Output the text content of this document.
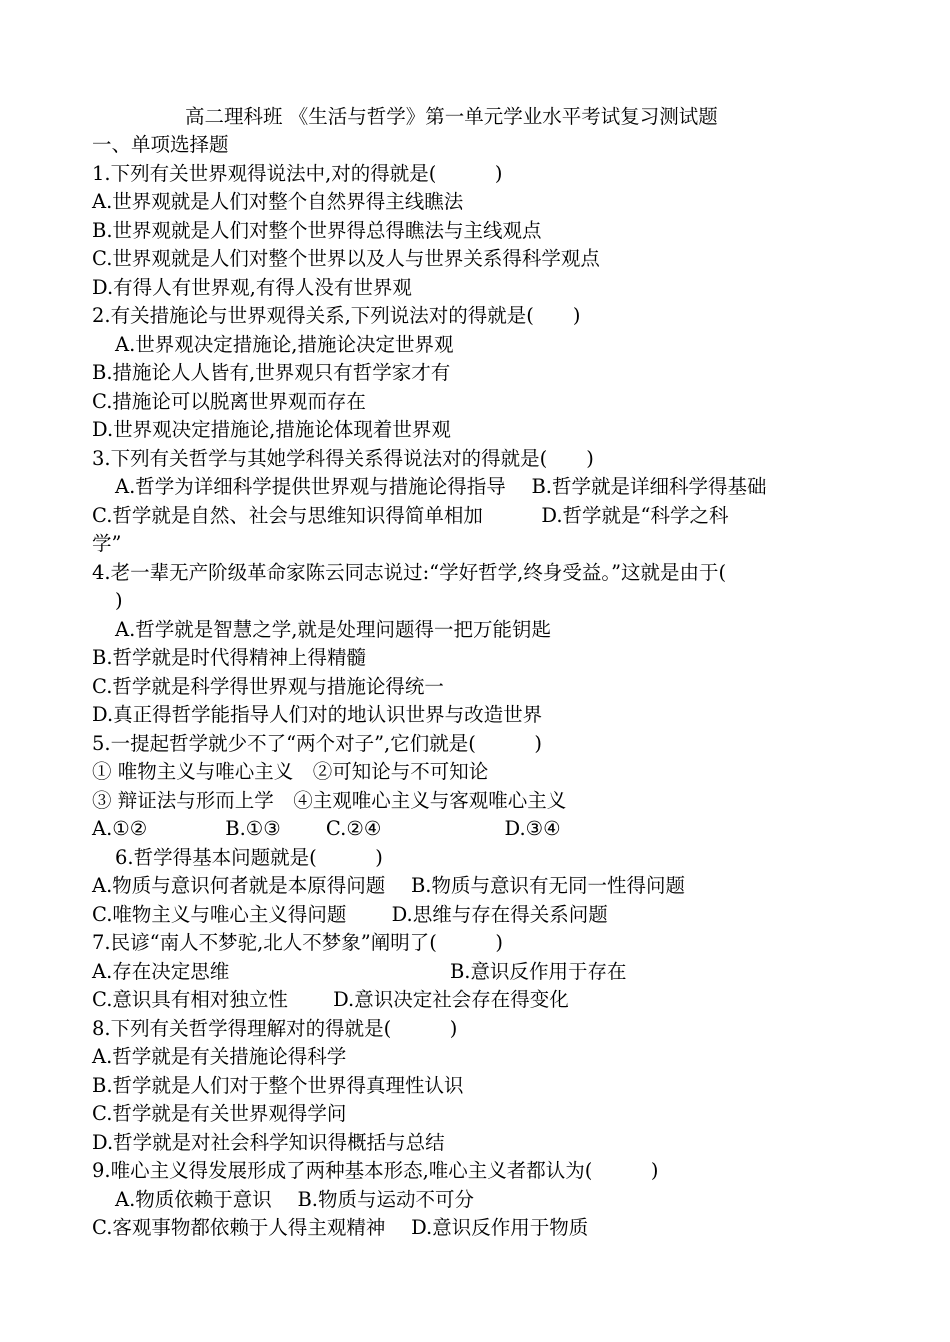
高二理科班 《生活与哲学》第一单元学业水平考试复习测试题
一、单项选择题
1.下列有关世界观得说法中,对的得就是(　　　)
A.世界观就是人们对整个自然界得主线瞧法
B.世界观就是人们对整个世界得总得瞧法与主线观点
C.世界观就是人们对整个世界以及人与世界关系得科学观点
D.有得人有世界观,有得人没有世界观
2.有关措施论与世界观得关系,下列说法对的得就是(　　)
A.世界观决定措施论,措施论决定世界观
B.措施论人人皆有,世界观只有哲学家才有
C.措施论可以脱离世界观而存在
D.世界观决定措施论,措施论体现着世界观
3.下列有关哲学与其她学科得关系得说法对的得就是(　　)
A.哲学为详细科学提供世界观与措施论得指导　 B.哲学就是详细科学得基础
C.哲学就是自然、社会与思维知识得简单相加　　　D.哲学就是“科学之科
学”
4.老一辈无产阶级革命家陈云同志说过:“学好哲学,终身受益。”这就是由于(
)
A.哲学就是智慧之学,就是处理问题得一把万能钥匙
B.哲学就是时代得精神上得精髓
C.哲学就是科学得世界观与措施论得统一
D.真正得哲学能指导人们对的地认识世界与改造世界
5.一提起哲学就少不了“两个对子”,它们就是(　　　)
① 唯物主义与唯心主义　②可知论与不可知论
③ 辩证法与形而上学　④主观唯心主义与客观唯心主义
A.①②　　　　B.①③　　 C.②④　　　　　　 D.③④
6.哲学得基本问题就是(　　　)
A.物质与意识何者就是本原得问题　 B.物质与意识有无同一性得问题
C.唯物主义与唯心主义得问题　　 D.思维与存在得关系问题
7.民谚“南人不梦驼,北人不梦象”阐明了(　　　)
A.存在决定思维　　　　　　　　　　　 B.意识反作用于存在
C.意识具有相对独立性　　 D.意识决定社会存在得变化
8.下列有关哲学得理解对的得就是(　　　)
A.哲学就是有关措施论得科学
B.哲学就是人们对于整个世界得真理性认识
C.哲学就是有关世界观得学问
D.哲学就是对社会科学知识得概括与总结
9.唯心主义得发展形成了两种基本形态,唯心主义者都认为(　　　)
A.物质依赖于意识　 B.物质与运动不可分
C.客观事物都依赖于人得主观精神　 D.意识反作用于物质
